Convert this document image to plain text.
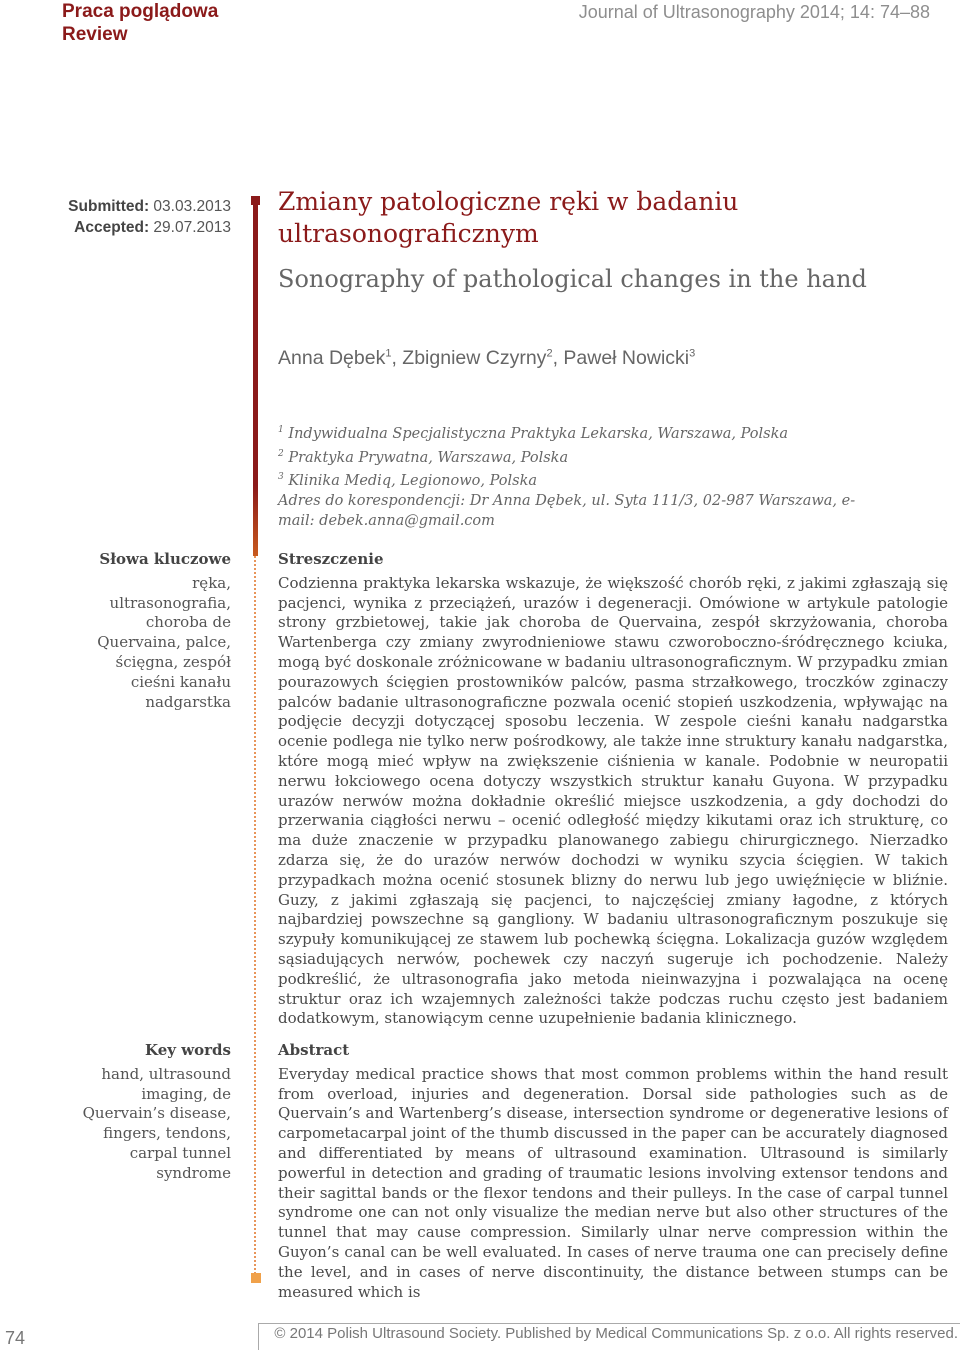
Praca poglądowa
Review
Journal of Ultrasonography 2014; 14: 74–88
Submitted: 03.03.2013
Accepted: 29.07.2013
Zmiany patologiczne ręki w badaniu ultrasonograficznym
Sonography of pathological changes in the hand
Anna Dębek$^1$, Zbigniew Czyrny$^2$, Paweł Nowicki$^3$
$^1$ Indywidualna Specjalistyczna Praktyka Lekarska, Warszawa, Polska
$^2$ Praktyka Prywatna, Warszawa, Polska
$^3$ Klinika Mediq, Legionowo, Polska
Adres do korespondencji: Dr Anna Dębek, ul. Syta 111/3, 02-987 Warszawa, e-mail: debek.anna@gmail.com
Słowa kluczowe
ręka, ultrasonografia, choroba de Quervaina, palce, ścięgna, zespół cieśni kanału nadgarstka
Streszczenie
Codzienna praktyka lekarska wskazuje, że większość chorób ręki, z jakimi zgłaszają się pacjenci, wynika z przeciążeń, urazów i degeneracji. Omówione w artykule patologie strony grzbietowej, takie jak choroba de Quervaina, zespół skrzyżowania, choroba Wartenberga czy zmiany zwyrodnieniowe stawu czworoboczno-śródręcznego kciuka, mogą być doskonale zróżnicowane w badaniu ultrasonograficznym. W przypadku zmian pourazowych ścięgien prostowników palców, pasma strzałkowego, troczków zginaczy palców badanie ultrasonograficzne pozwala ocenić stopień uszkodzenia, wpływając na podjęcie decyzji dotyczącej sposobu leczenia. W zespole cieśni kanału nadgarstka ocenie podlega nie tylko nerw pośrodkowy, ale także inne struktury kanału nadgarstka, które mogą mieć wpływ na zwiększenie ciśnienia w kanale. Podobnie w neuropatii nerwu łokciowego ocena dotyczy wszystkich struktur kanału Guyona. W przypadku urazów nerwów można dokładnie określić miejsce uszkodzenia, a gdy dochodzi do przerwania ciągłości nerwu – ocenić odległość między kikutami oraz ich strukturę, co ma duże znaczenie w przypadku planowanego zabiegu chirurgicznego. Nierzadko zdarza się, że do urazów nerwów dochodzi w wyniku szycia ścięgien. W takich przypadkach można ocenić stosunek blizny do nerwu lub jego uwięźnięcie w bliźnie. Guzy, z jakimi zgłaszają się pacjenci, to najczęściej zmiany łagodne, z których najbardziej powszechne są gangliony. W badaniu ultrasonograficznym poszukuje się szypuły komunikującej ze stawem lub pochewką ścięgna. Lokalizacja guzów względem sąsiadujących nerwów, pochewek czy naczyń sugeruje ich pochodzenie. Należy podkreślić, że ultrasonografia jako metoda nieinwazyjna i pozwalająca na ocenę struktur oraz ich wzajemnych zależności także podczas ruchu często jest badaniem dodatkowym, stanowiącym cenne uzupełnienie badania klinicznego.
Key words
hand, ultrasound imaging, de Quervain’s disease, fingers, tendons, carpal tunnel syndrome
Abstract
Everyday medical practice shows that most common problems within the hand result from overload, injuries and degeneration. Dorsal side pathologies such as de Quervain’s and Wartenberg’s disease, intersection syndrome or degenerative lesions of carpometacarpal joint of the thumb discussed in the paper can be accurately diagnosed and differentiated by means of ultrasound examination. Ultrasound is similarly powerful in detection and grading of traumatic lesions involving extensor tendons and their sagittal bands or the flexor tendons and their pulleys. In the case of carpal tunnel syndrome one can not only visualize the median nerve but also other structures of the tunnel that may cause compression. Similarly ulnar nerve compression within the Guyon’s canal can be well evaluated. In cases of nerve trauma one can precisely define the level, and in cases of nerve discontinuity, the distance between stumps can be measured which is
74	© 2014 Polish Ultrasound Society. Published by Medical Communications Sp. z o.o. All rights reserved.
